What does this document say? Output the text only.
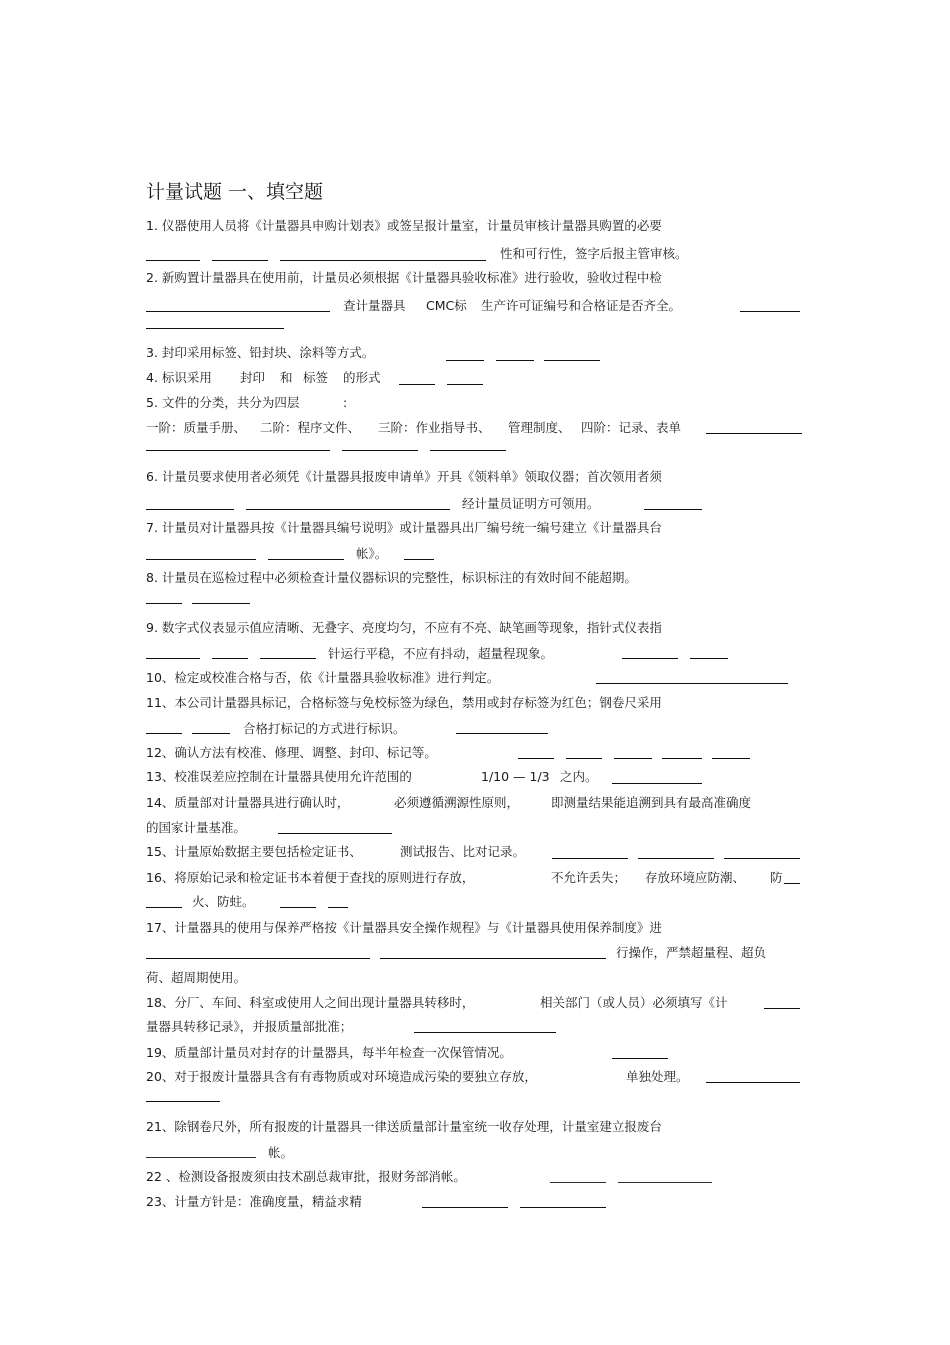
计量试题 一、填空题
1. 仪器使用人员将《计量器具申购计划表》或签呈报计量室，计量员审核计量器具购置的必要
性和可行性，签字后报主管审核。
2. 新购置计量器具在使用前，计量员必须根据《计量器具验收标准》进行验收，验收过程中检
查计量器具 CMC标 生产许可证编号和合格证是否齐全。
3. 封印采用标签、铅封块、涂料等方式。
4. 标识采用 封印 和 标签 的形式
5. 文件的分类，共分为四层	:
一阶：质量手册、 二阶：程序文件、 三阶：作业指导书、 管理制度、 四阶：记录、表单
6. 计量员要求使用者必须凭《计量器具报废申请单》开具《领料单》领取仪器；首次领用者须
经计量员证明方可领用。
7. 计量员对计量器具按《计量器具编号说明》或计量器具出厂编号统一编号建立《计量器具台
帐》。
8. 计量员在巡检过程中必须检查计量仪器标识的完整性，标识标注的有效时间不能超期。
9. 数字式仪表显示值应清晰、无叠字、亮度均匀，不应有不亮、缺笔画等现象，指针式仪表指
针运行平稳，不应有抖动，超量程现象。
10、检定或校准合格与否，依《计量器具验收标准》进行判定。
11、本公司计量器具标记，合格标签与免校标签为绿色，禁用或封存标签为红色；钢卷尺采用
合格打标记的方式进行标识。
12、确认方法有校准、修理、调整、封印、标记等。
13、校准误差应控制在计量器具使用允许范围的	1/10 — 1/3 之内。
14、质量部对计量器具进行确认时，	必须遵循溯源性原则，	即测量结果能追溯到具有最高准确度
的国家计量基准。
15、计量原始数据主要包括检定证书、	测试报告、比对记录。
16、将原始记录和检定证书本着便于查找的原则进行存放，	不允许丢失； 存放环境应防潮、 防
火、防蛀。
17、计量器具的使用与保养严格按《计量器具安全操作规程》与《计量器具使用保养制度》进
行操作，严禁超量程、超负
荷、超周期使用。
18、分厂、车间、科室或使用人之间出现计量器具转移时，	相关部门（或人员）必须填写《计
量器具转移记录》，并报质量部批准；
19、质量部计量员对封存的计量器具，每半年检查一次保管情况。
20、对于报废计量器具含有有毒物质或对环境造成污染的要独立存放，	单独处理。
21、除钢卷尺外，所有报废的计量器具一律送质量部计量室统一收存处理，计量室建立报废台
帐。
22 、检测设备报废须由技术副总裁审批，报财务部消帐。
23、计量方针是：准确度量，精益求精
